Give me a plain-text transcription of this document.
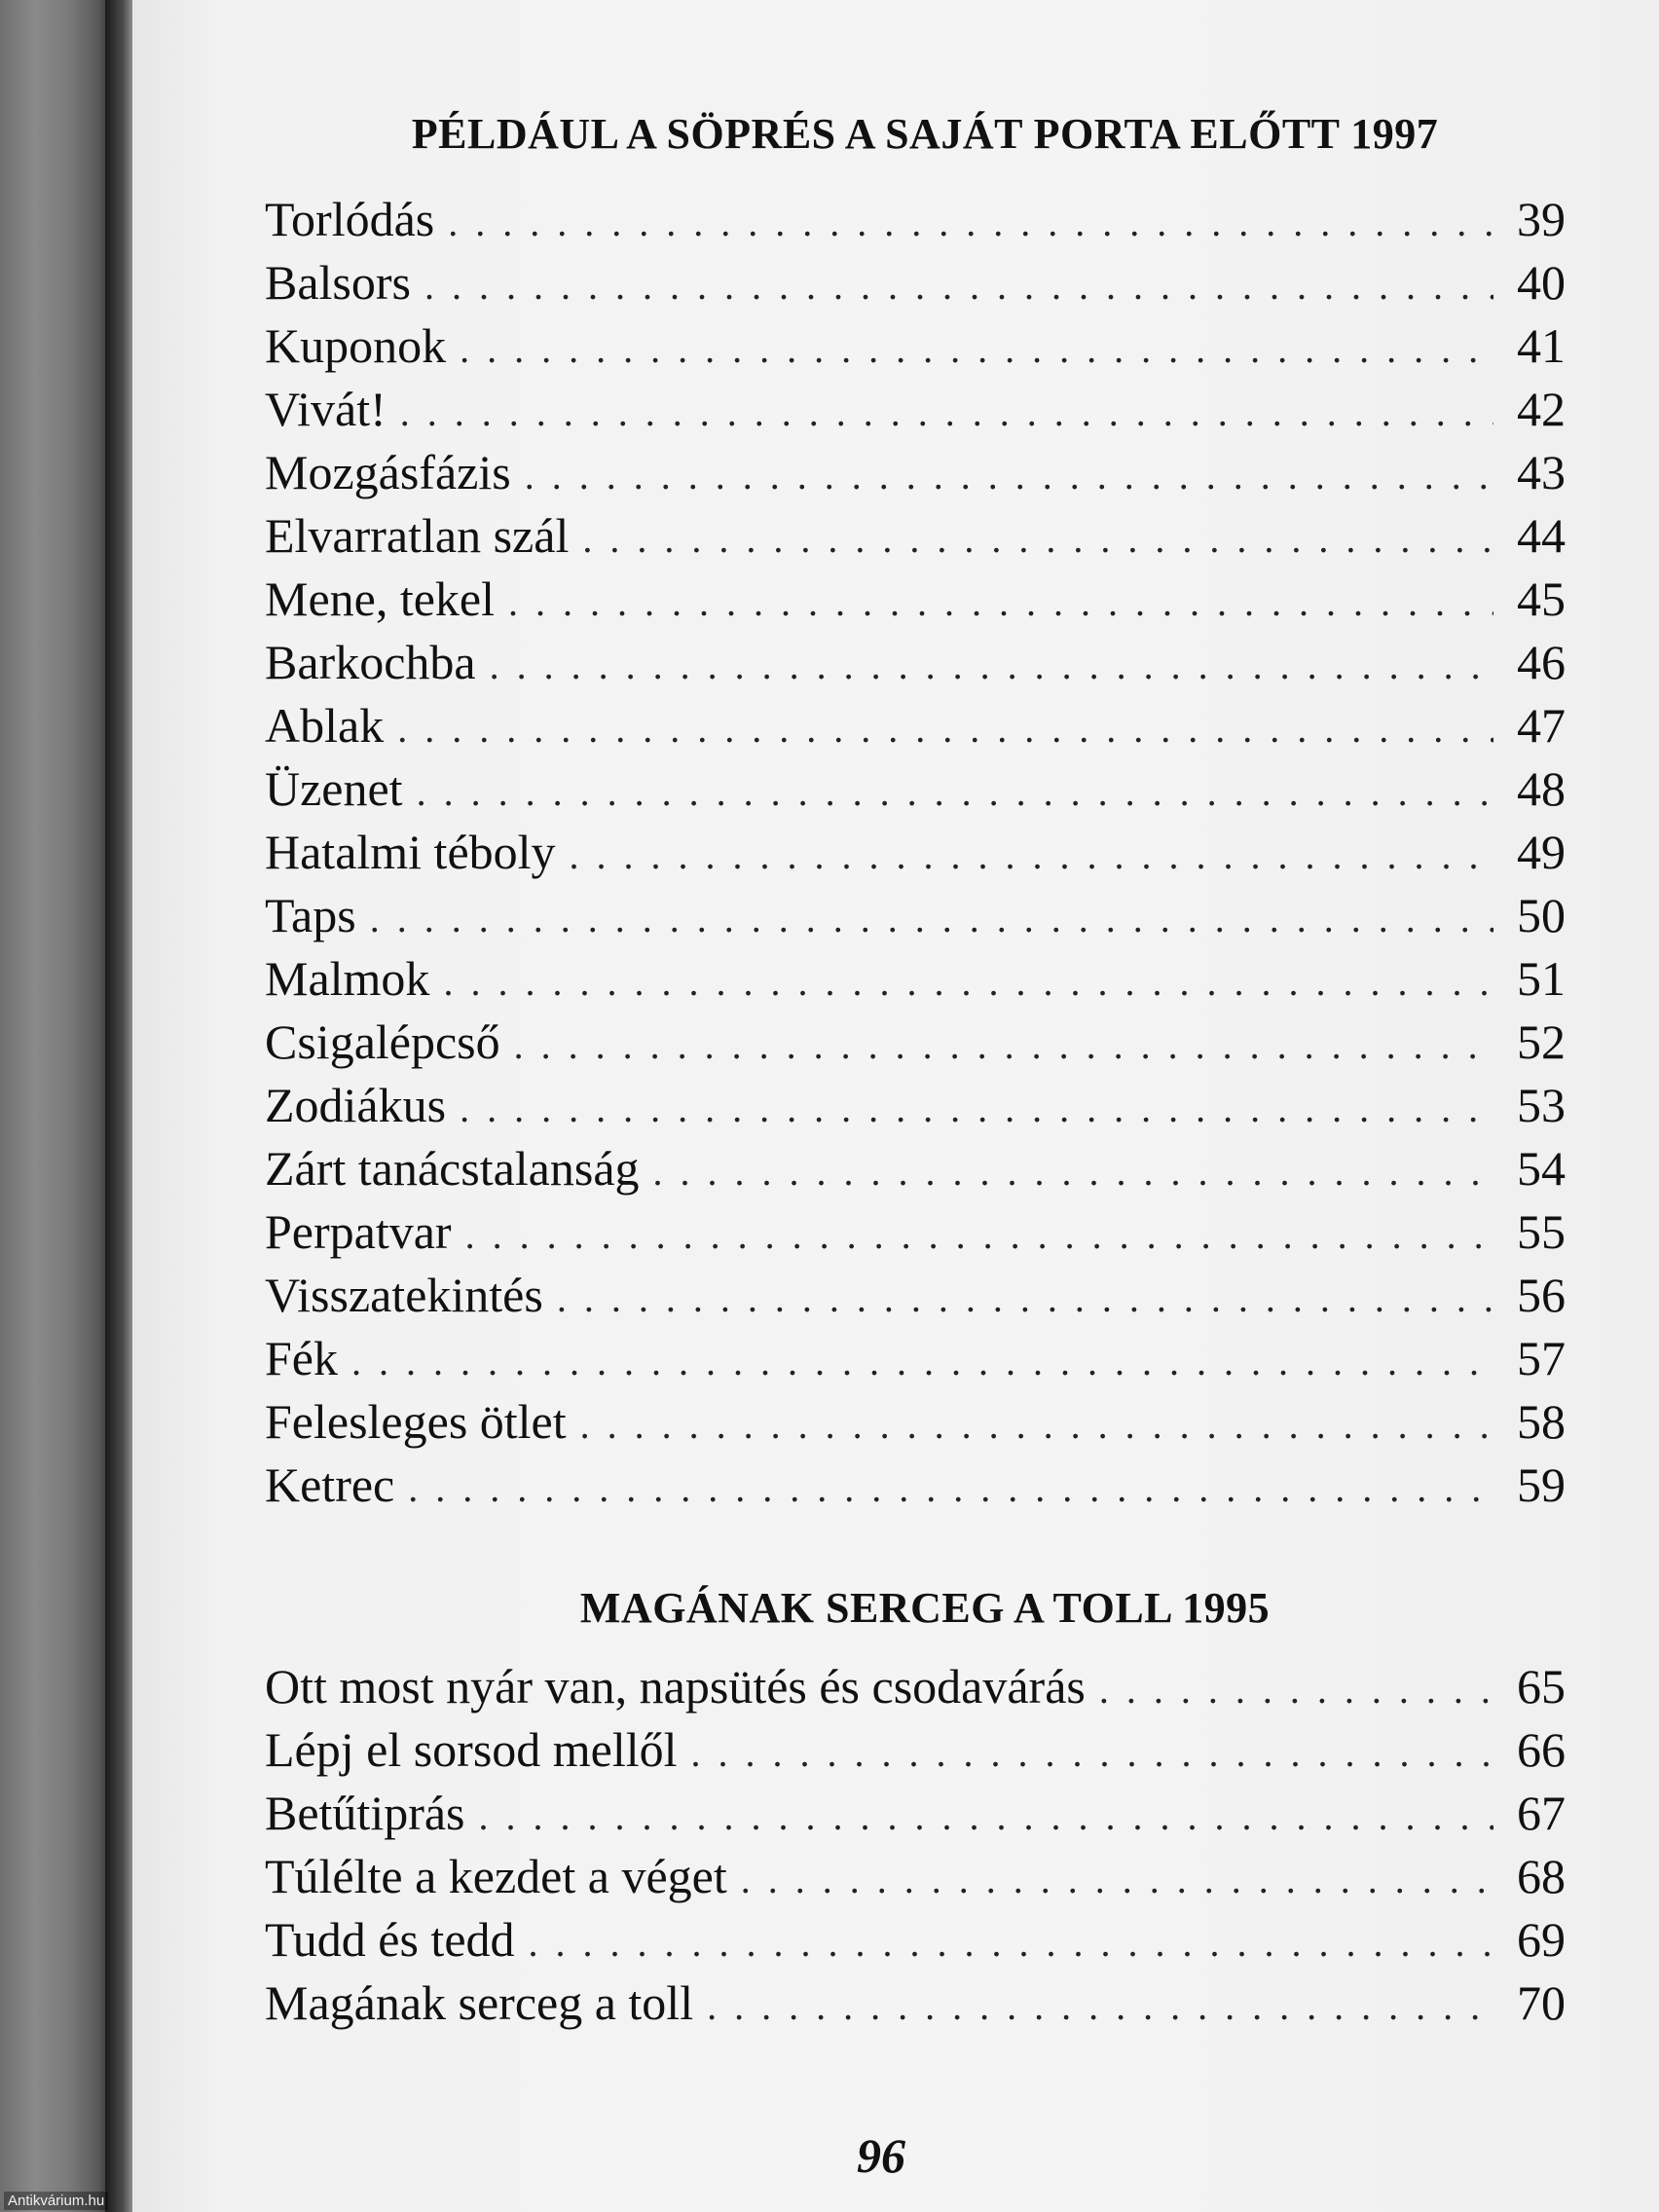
PÉLDÁUL A SÖPRÉS A SAJÁT PORTA ELŐTT 1997
Torlódás . . .	39
Balsors . . .	40
Kuponok . . .	41
Vivát! . . .	42
Mozgásfázis . . .	43
Elvarratlan szál . . .	44
Mene, tekel . . .	45
Barkochba . . .	46
Ablak . . .	47
Üzenet . . .	48
Hatalmi téboly . . .	49
Taps . . .	50
Malmok . . .	51
Csigalépcső . . .	52
Zodiákus . . .	53
Zárt tanácstalanság . . .	54
Perpatvar . . .	55
Visszatekintés . . .	56
Fék . . .	57
Felesleges ötlet . . .	58
Ketrec . . .	59
MAGÁNAK SERCEG A TOLL 1995
Ott most nyár van, napsütés és csodavárás . . .	65
Lépj el sorsod mellől . . .	66
Betűtiprás . . .	67
Túlélte a kezdet a véget . . .	68
Tudd és tedd . . .	69
Magának serceg a toll . . .	70
96
Antikvárium.hu
